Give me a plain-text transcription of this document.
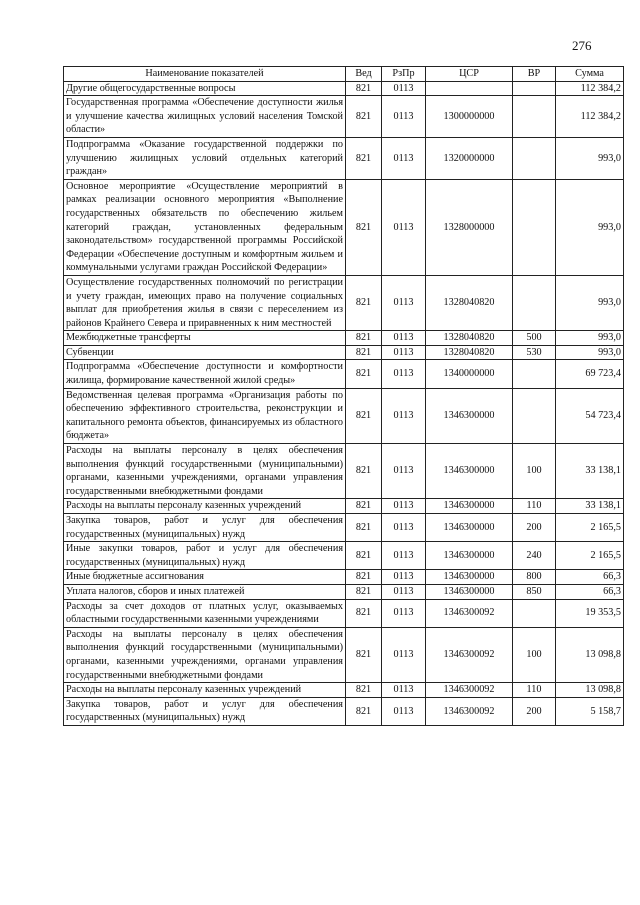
276
Наименование показателей	Вед	РзПр	ЦСР	ВР	Сумма
Другие общегосударственные вопросы	821	0113			112 384,2
Государственная программа «Обеспечение доступности жилья и улучшение качества жилищных условий населения Томской области»	821	0113	1300000000		112 384,2
Подпрограмма «Оказание государственной поддержки по улучшению жилищных условий отдельных категорий граждан»	821	0113	1320000000		993,0
Основное мероприятие «Осуществление мероприятий в рамках реализации основного мероприятия «Выполнение государственных обязательств по обеспечению жильем категорий граждан, установленных федеральным законодательством» государственной программы Российской Федерации «Обеспечение доступным и комфортным жильем и коммунальными услугами граждан Российской Федерации»	821	0113	1328000000		993,0
Осуществление государственных полномочий по регистрации и учету граждан, имеющих право на получение социальных выплат для приобретения жилья в связи с переселением из районов Крайнего Севера и приравненных к ним местностей	821	0113	1328040820		993,0
Межбюджетные трансферты	821	0113	1328040820	500	993,0
Субвенции	821	0113	1328040820	530	993,0
Подпрограмма «Обеспечение доступности и комфортности жилища, формирование качественной жилой среды»	821	0113	1340000000		69 723,4
Ведомственная целевая программа «Организация работы по обеспечению эффективного строительства, реконструкции и капитального ремонта объектов, финансируемых из областного бюджета»	821	0113	1346300000		54 723,4
Расходы на выплаты персоналу в целях обеспечения выполнения функций государственными (муниципальными) органами, казенными учреждениями, органами управления государственными внебюджетными фондами	821	0113	1346300000	100	33 138,1
Расходы на выплаты персоналу казенных учреждений	821	0113	1346300000	110	33 138,1
Закупка товаров, работ и услуг для обеспечения государственных (муниципальных) нужд	821	0113	1346300000	200	2 165,5
Иные закупки товаров, работ и услуг для обеспечения государственных (муниципальных) нужд	821	0113	1346300000	240	2 165,5
Иные бюджетные ассигнования	821	0113	1346300000	800	66,3
Уплата налогов, сборов и иных платежей	821	0113	1346300000	850	66,3
Расходы за счет доходов от платных услуг, оказываемых областными государственными казенными учреждениями	821	0113	1346300092		19 353,5
Расходы на выплаты персоналу в целях обеспечения выполнения функций государственными (муниципальными) органами, казенными учреждениями, органами управления государственными внебюджетными фондами	821	0113	1346300092	100	13 098,8
Расходы на выплаты персоналу казенных учреждений	821	0113	1346300092	110	13 098,8
Закупка товаров, работ и услуг для обеспечения государственных (муниципальных) нужд	821	0113	1346300092	200	5 158,7
